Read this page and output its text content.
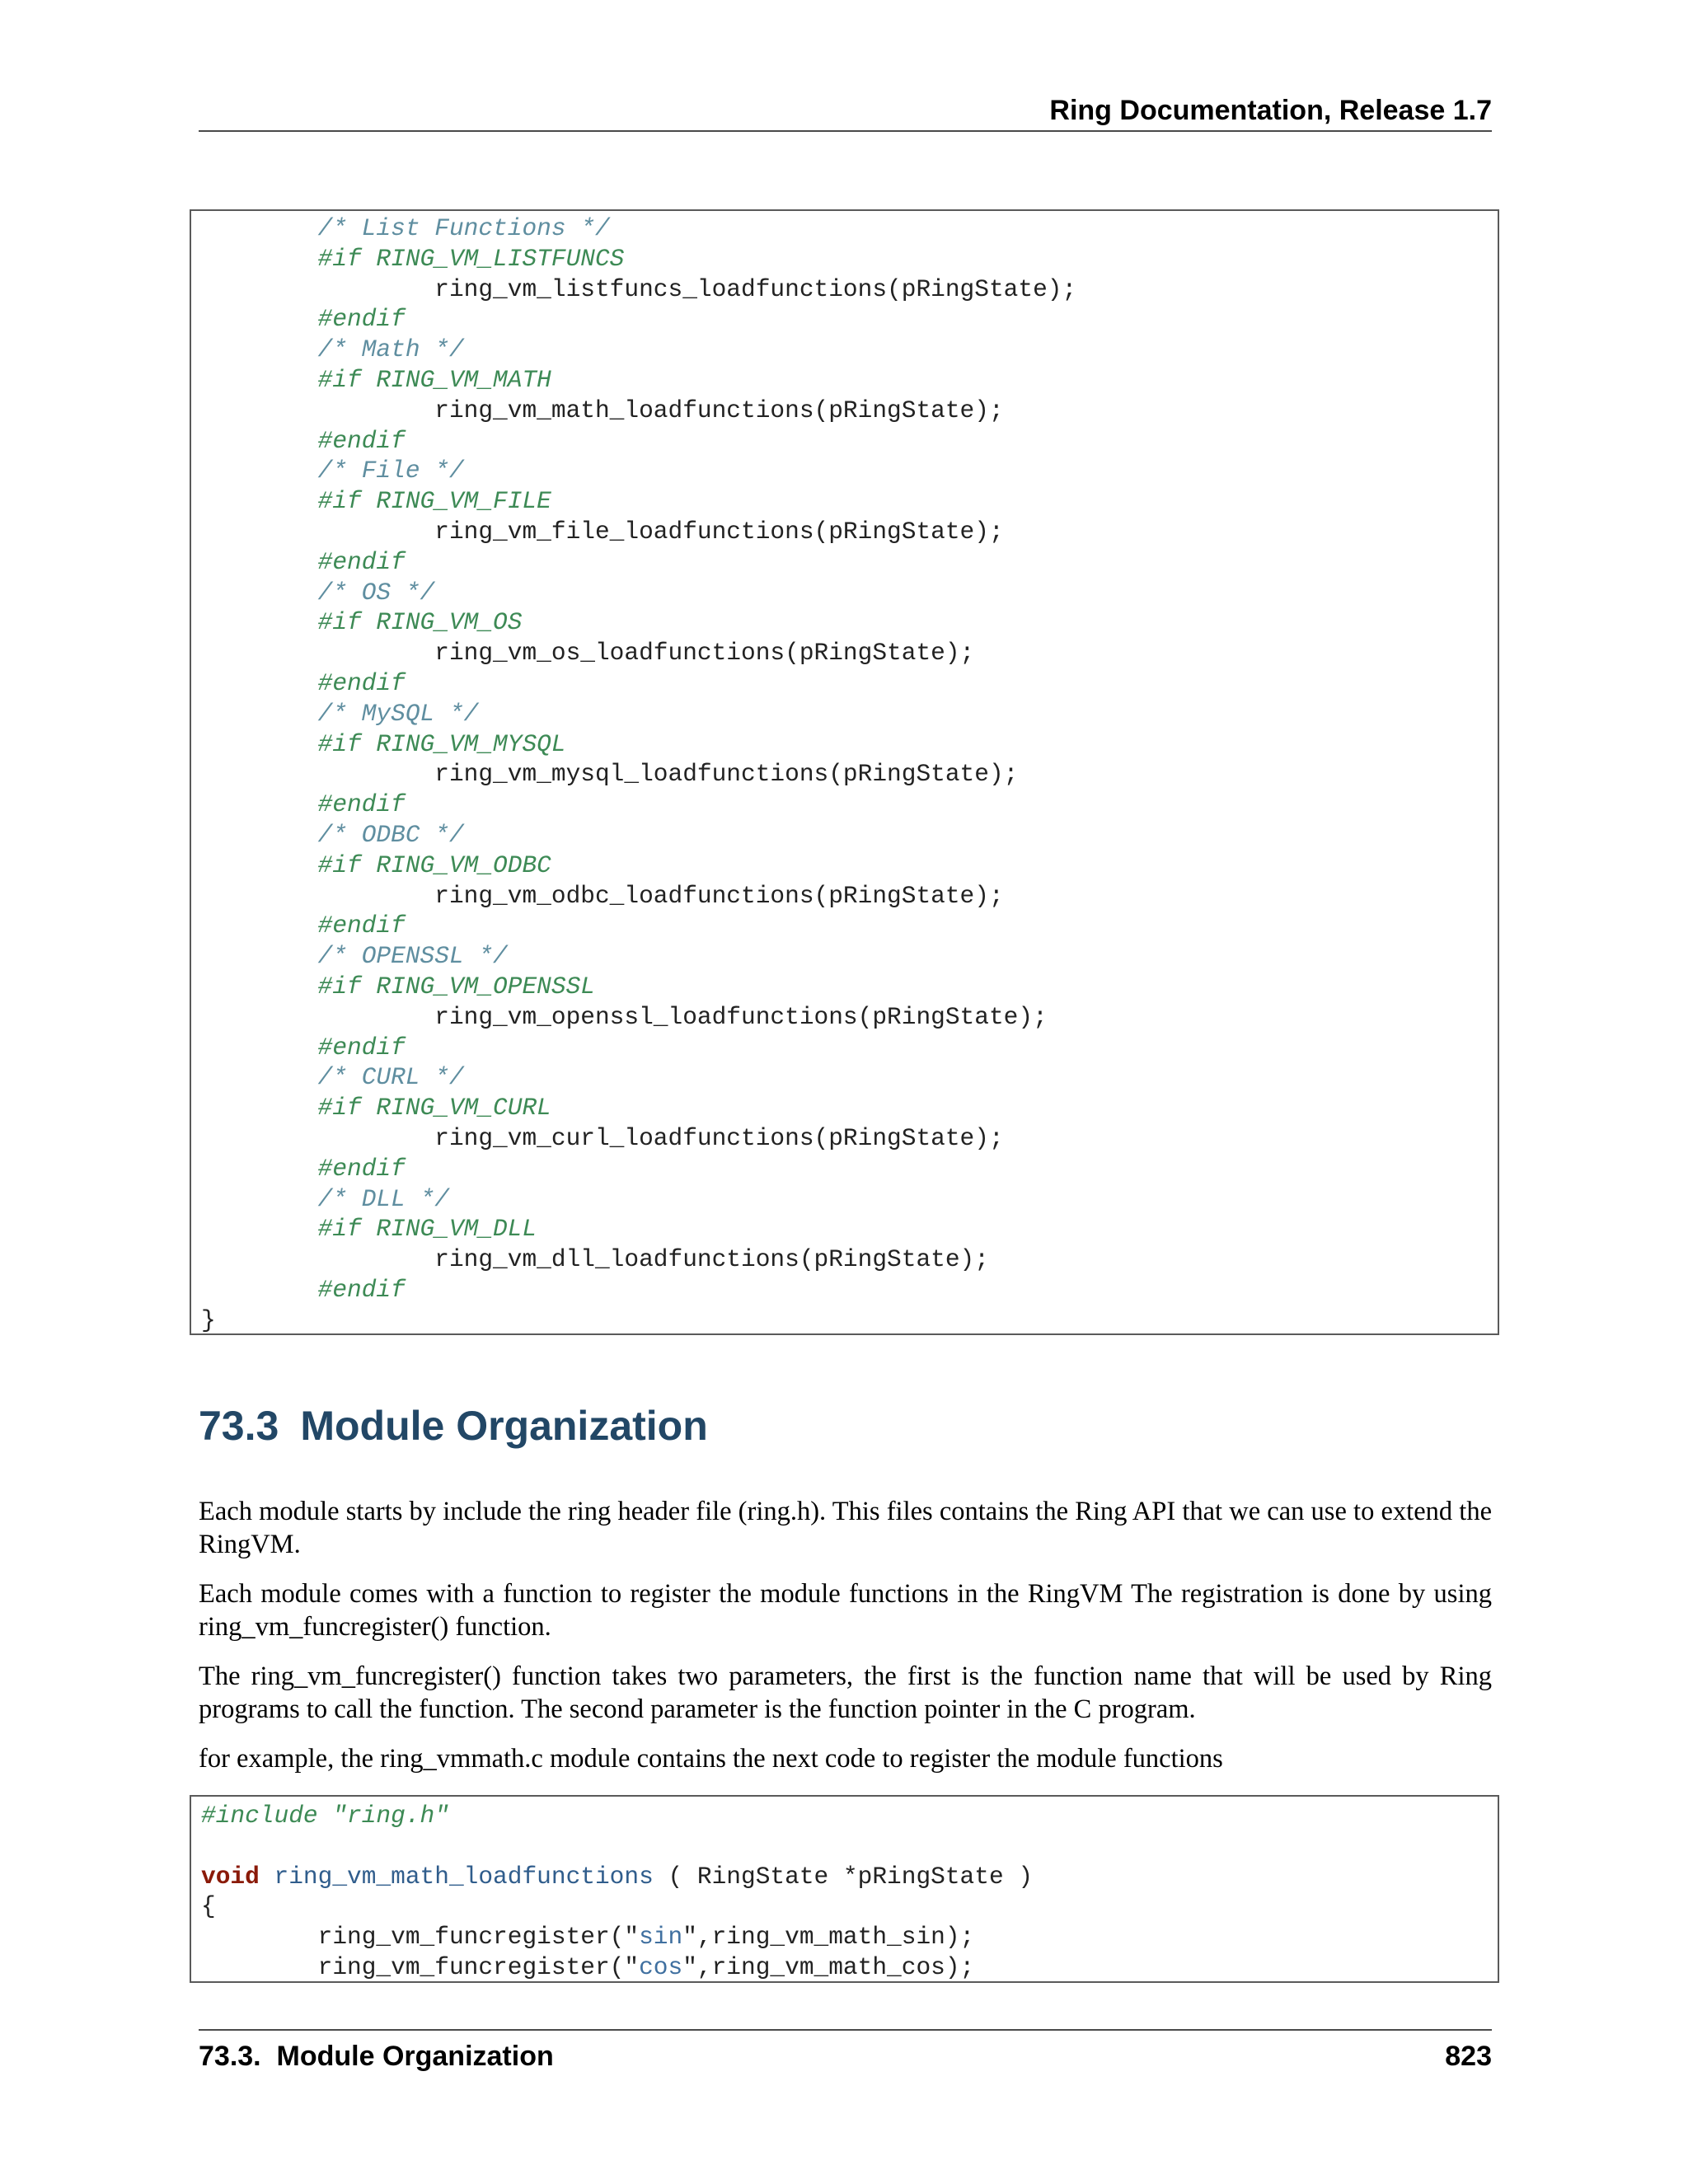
Ring Documentation, Release 1.7
/* List Functions */
#if RING_VM_LISTFUNCS
ring_vm_listfuncs_loadfunctions(pRingState);
#endif
/* Math */
#if RING_VM_MATH
ring_vm_math_loadfunctions(pRingState);
#endif
/* File */
#if RING_VM_FILE
ring_vm_file_loadfunctions(pRingState);
#endif
/* OS */
#if RING_VM_OS
ring_vm_os_loadfunctions(pRingState);
#endif
/* MySQL */
#if RING_VM_MYSQL
ring_vm_mysql_loadfunctions(pRingState);
#endif
/* ODBC */
#if RING_VM_ODBC
ring_vm_odbc_loadfunctions(pRingState);
#endif
/* OPENSSL */
#if RING_VM_OPENSSL
ring_vm_openssl_loadfunctions(pRingState);
#endif
/* CURL */
#if RING_VM_CURL
ring_vm_curl_loadfunctions(pRingState);
#endif
/* DLL */
#if RING_VM_DLL
ring_vm_dll_loadfunctions(pRingState);
#endif
}
73.3 Module Organization

Each module starts by include the ring header file (ring.h). This files contains the Ring API that we can use to extend the RingVM.

Each module comes with a function to register the module functions in the RingVM The registration is done by using ring_vm_funcregister() function.

The ring_vm_funcregister() function takes two parameters, the first is the function name that will be used by Ring programs to call the function. The second parameter is the function pointer in the C program.

for example, the ring_vmmath.c module contains the next code to register the module functions

#include "ring.h"
void ring_vm_math_loadfunctions ( RingState *pRingState )
{
ring_vm_funcregister("sin",ring_vm_math_sin);
ring_vm_funcregister("cos",ring_vm_math_cos);
73.3.  Module Organization	823
